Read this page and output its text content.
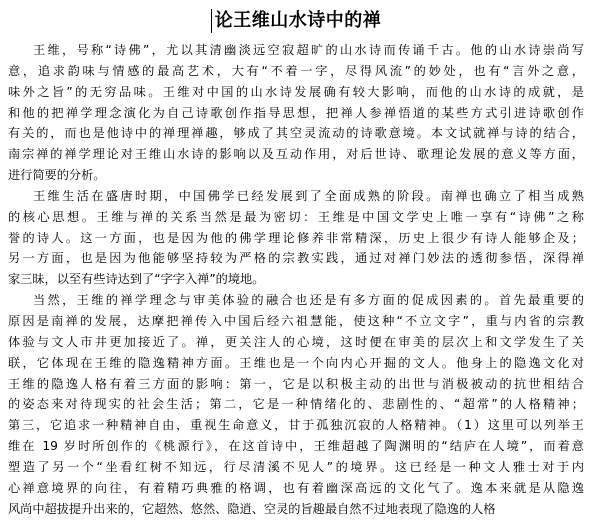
论王维山水诗中的禅
王维，号称“诗佛”，尤以其清幽淡远空寂超旷的山水诗而传诵千古。他的山水诗崇尚写
意，追求韵味与情感的最高艺术，大有“不着一字，尽得风流”的妙处，也有“言外之意，
味外之旨”的无穷品味。王维对中国的山水诗发展确有较大影响，而他的山水诗的成就，是
和他的把禅学理念演化为自己诗歌创作指导思想，把禅人参禅悟道的某些方式引进诗歌创作
有关的，而也是他诗中的禅理禅趣，够成了其空灵流动的诗歌意境。本文试就禅与诗的结合，
南宗禅的禅学理论对王维山水诗的影响以及互动作用，对后世诗、歌理论发展的意义等方面，
进行简要的分析。
王维生活在盛唐时期，中国佛学已经发展到了全面成熟的阶段。南禅也确立了相当成熟
的核心思想。王维与禅的关系当然是最为密切：王维是中国文学史上唯一享有“诗佛”之称
誉的诗人。这一方面，也是因为他的佛学理论修养非常精深，历史上很少有诗人能够企及；
另一方面，也是因为他能够坚持较为严格的宗教实践，通过对禅门妙法的透彻参悟，深得禅
家三昧，以至有些诗达到了“字字入禅”的境地。
当然，王维的禅学理念与审美体验的融合也还是有多方面的促成因素的。首先最重要的
原因是南禅的发展，达摩把禅传入中国后经六祖慧能，使这种“不立文字”，重与内省的宗教
体验与文人市井更加接近了。禅，更关注人的心境，这时便在审美的层次上和文学发生了关
联，它体现在王维的隐逸精神方面。王维也是一个向内心开掘的文人。他身上的隐逸文化对
王维的隐逸人格有着三方面的影响：第一，它是以积极主动的出世与消极被动的抗世相结合
的姿态来对待现实的社会生活；第二，它是一种情绪化的、悲剧性的、“超常”的人格精神；
第三，它追求一种精神自由，重视生命意义，甘于孤独沉寂的人格精神。（1）这里可以列举王
维在 19 岁时所创作的《桃源行》，在这首诗中，王维超越了陶渊明的“结庐在人境”，而着意
塑造了另一个“坐看红树不知远，行尽清溪不见人”的境界。这已经是一种文人雅士对于内
心禅意境界的向往，有着精巧典雅的格调，也有着幽深高远的文化气了。逸本来就是从隐逸
风尚中超拔提升出来的，它超然、悠然、隐逍、空灵的旨趣最自然不过地表现了隐逸的人格
